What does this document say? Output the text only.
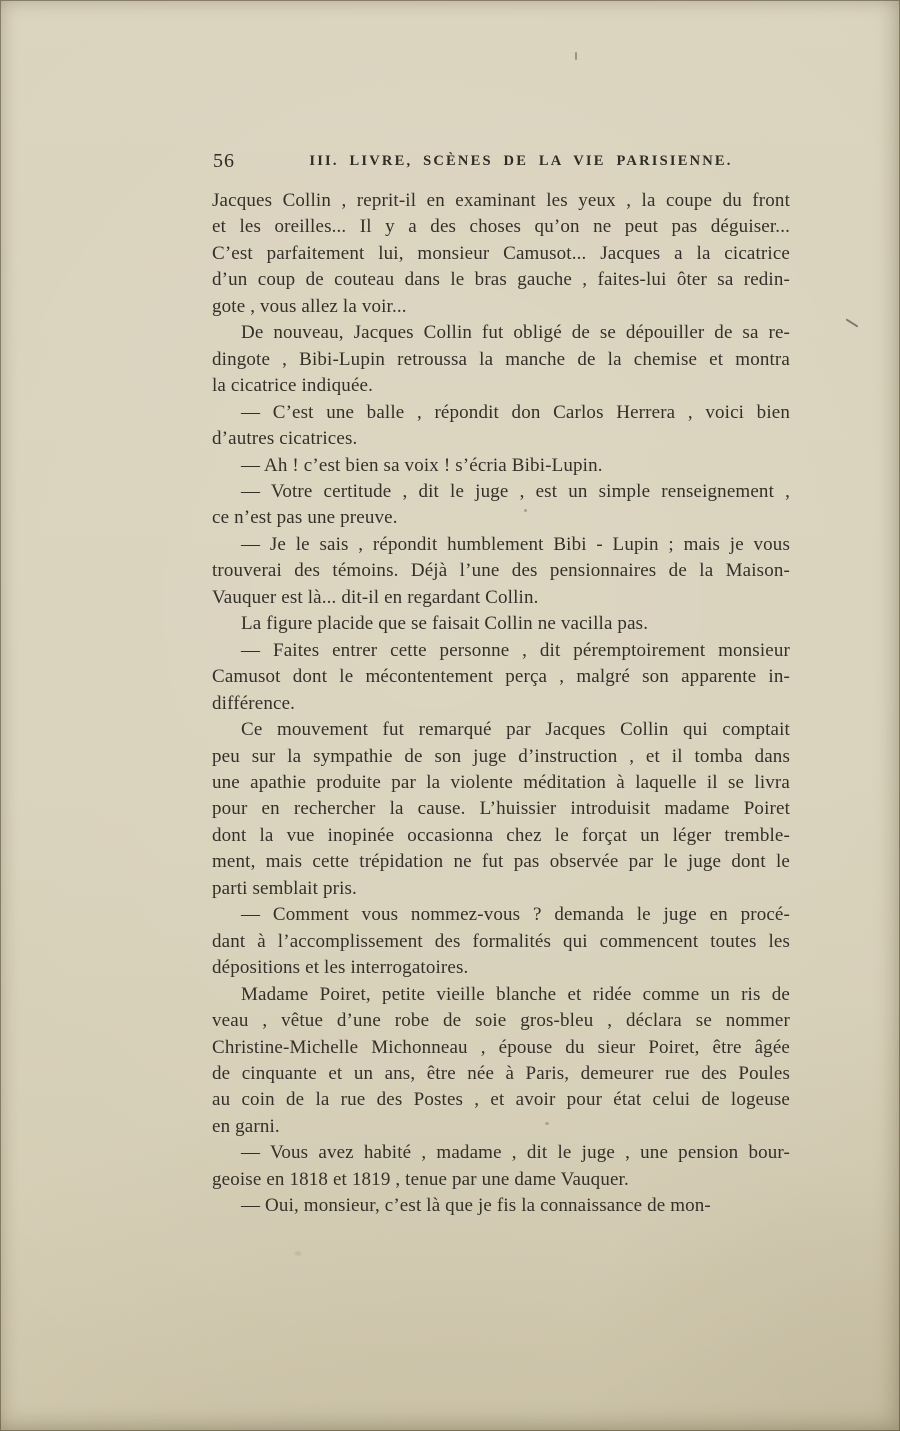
56	III. LIVRE, SCÈNES DE LA VIE PARISIENNE.
Jacques Collin , reprit-il en examinant les yeux , la coupe du front
et les oreilles... Il y a des choses qu’on ne peut pas déguiser...
C’est parfaitement lui, monsieur Camusot... Jacques a la cicatrice
d’un coup de couteau dans le bras gauche , faites-lui ôter sa redin-
gote , vous allez la voir...
De nouveau, Jacques Collin fut obligé de se dépouiller de sa re-
dingote , Bibi-Lupin retroussa la manche de la chemise et montra
la cicatrice indiquée.
— C’est une balle , répondit don Carlos Herrera , voici bien
d’autres cicatrices.
— Ah ! c’est bien sa voix ! s’écria Bibi-Lupin.
— Votre certitude , dit le juge , est un simple renseignement ,
ce n’est pas une preuve.
— Je le sais , répondit humblement Bibi - Lupin ; mais je vous
trouverai des témoins. Déjà l’une des pensionnaires de la Maison-
Vauquer est là... dit-il en regardant Collin.
La figure placide que se faisait Collin ne vacilla pas.
— Faites entrer cette personne , dit péremptoirement monsieur
Camusot dont le mécontentement perça , malgré son apparente in-
différence.
Ce mouvement fut remarqué par Jacques Collin qui comptait
peu sur la sympathie de son juge d’instruction , et il tomba dans
une apathie produite par la violente méditation à laquelle il se livra
pour en rechercher la cause. L’huissier introduisit madame Poiret
dont la vue inopinée occasionna chez le forçat un léger tremble-
ment, mais cette trépidation ne fut pas observée par le juge dont le
parti semblait pris.
— Comment vous nommez-vous ? demanda le juge en procé-
dant à l’accomplissement des formalités qui commencent toutes les
dépositions et les interrogatoires.
Madame Poiret, petite vieille blanche et ridée comme un ris de
veau , vêtue d’une robe de soie gros-bleu , déclara se nommer
Christine-Michelle Michonneau , épouse du sieur Poiret, être âgée
de cinquante et un ans, être née à Paris, demeurer rue des Poules
au coin de la rue des Postes , et avoir pour état celui de logeuse
en garni.
— Vous avez habité , madame , dit le juge , une pension bour-
geoise en 1818 et 1819 , tenue par une dame Vauquer.
— Oui, monsieur, c’est là que je fis la connaissance de mon-
